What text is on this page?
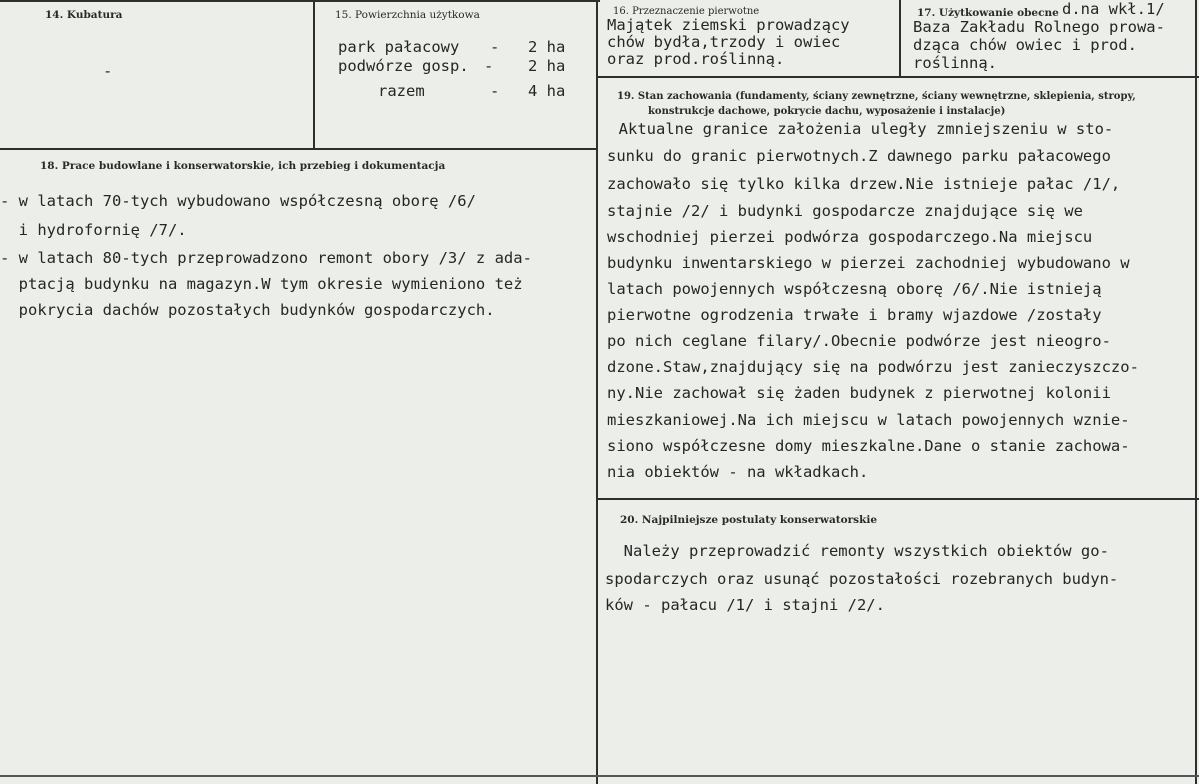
14. Kubatura
-
15. Powierzchnia użytkowa
park pałacowy - 2 ha
podwórze gosp. - 2 ha
razem	- 4 ha
16. Przeznaczenie pierwotne
Majątek ziemski prowadzący
chów bydła,trzody i owiec
oraz prod.roślinną.
17. Użytkowanie obecne d.na wkł.1/
Baza Zakładu Rolnego prowa-
dząca chów owiec i prod.
roślinną.
18. Prace budowlane i konserwatorskie, ich przebieg i dokumentacja
- w latach 70-tych wybudowano współczesną oborę /6/
i hydrofornię /7/.
- w latach 80-tych przeprowadzono remont obory /3/ z ada-
ptacją budynku na magazyn.W tym okresie wymieniono też
pokrycia dachów pozostałych budynków gospodarczych.
19. Stan zachowania (fundamenty, ściany zewnętrzne, ściany wewnętrzne, sklepienia, stropy,
konstrukcje dachowe, pokrycie dachu, wyposażenie i instalacje)
Aktualne granice założenia uległy zmniejszeniu w sto-
sunku do granic pierwotnych.Z dawnego parku pałacowego
zachowało się tylko kilka drzew.Nie istnieje pałac /1/,
stajnie /2/ i budynki gospodarcze znajdujące się we
wschodniej pierzei podwórza gospodarczego.Na miejscu
budynku inwentarskiego w pierzei zachodniej wybudowano w
latach powojennych współczesną oborę /6/.Nie istnieją
pierwotne ogrodzenia trwałe i bramy wjazdowe /zostały
po nich ceglane filary/.Obecnie podwórze jest nieogro-
dzone.Staw,znajdujący się na podwórzu jest zanieczyszczo-
ny.Nie zachował się żaden budynek z pierwotnej kolonii
mieszkaniowej.Na ich miejscu w latach powojennych wznie-
siono współczesne domy mieszkalne.Dane o stanie zachowa-
nia obiektów - na wkładkach.
20. Najpilniejsze postulaty konserwatorskie
Należy przeprowadzić remonty wszystkich obiektów go-
spodarczych oraz usunąć pozostałości rozebranych budyn-
ków - pałacu /1/ i stajni /2/.
